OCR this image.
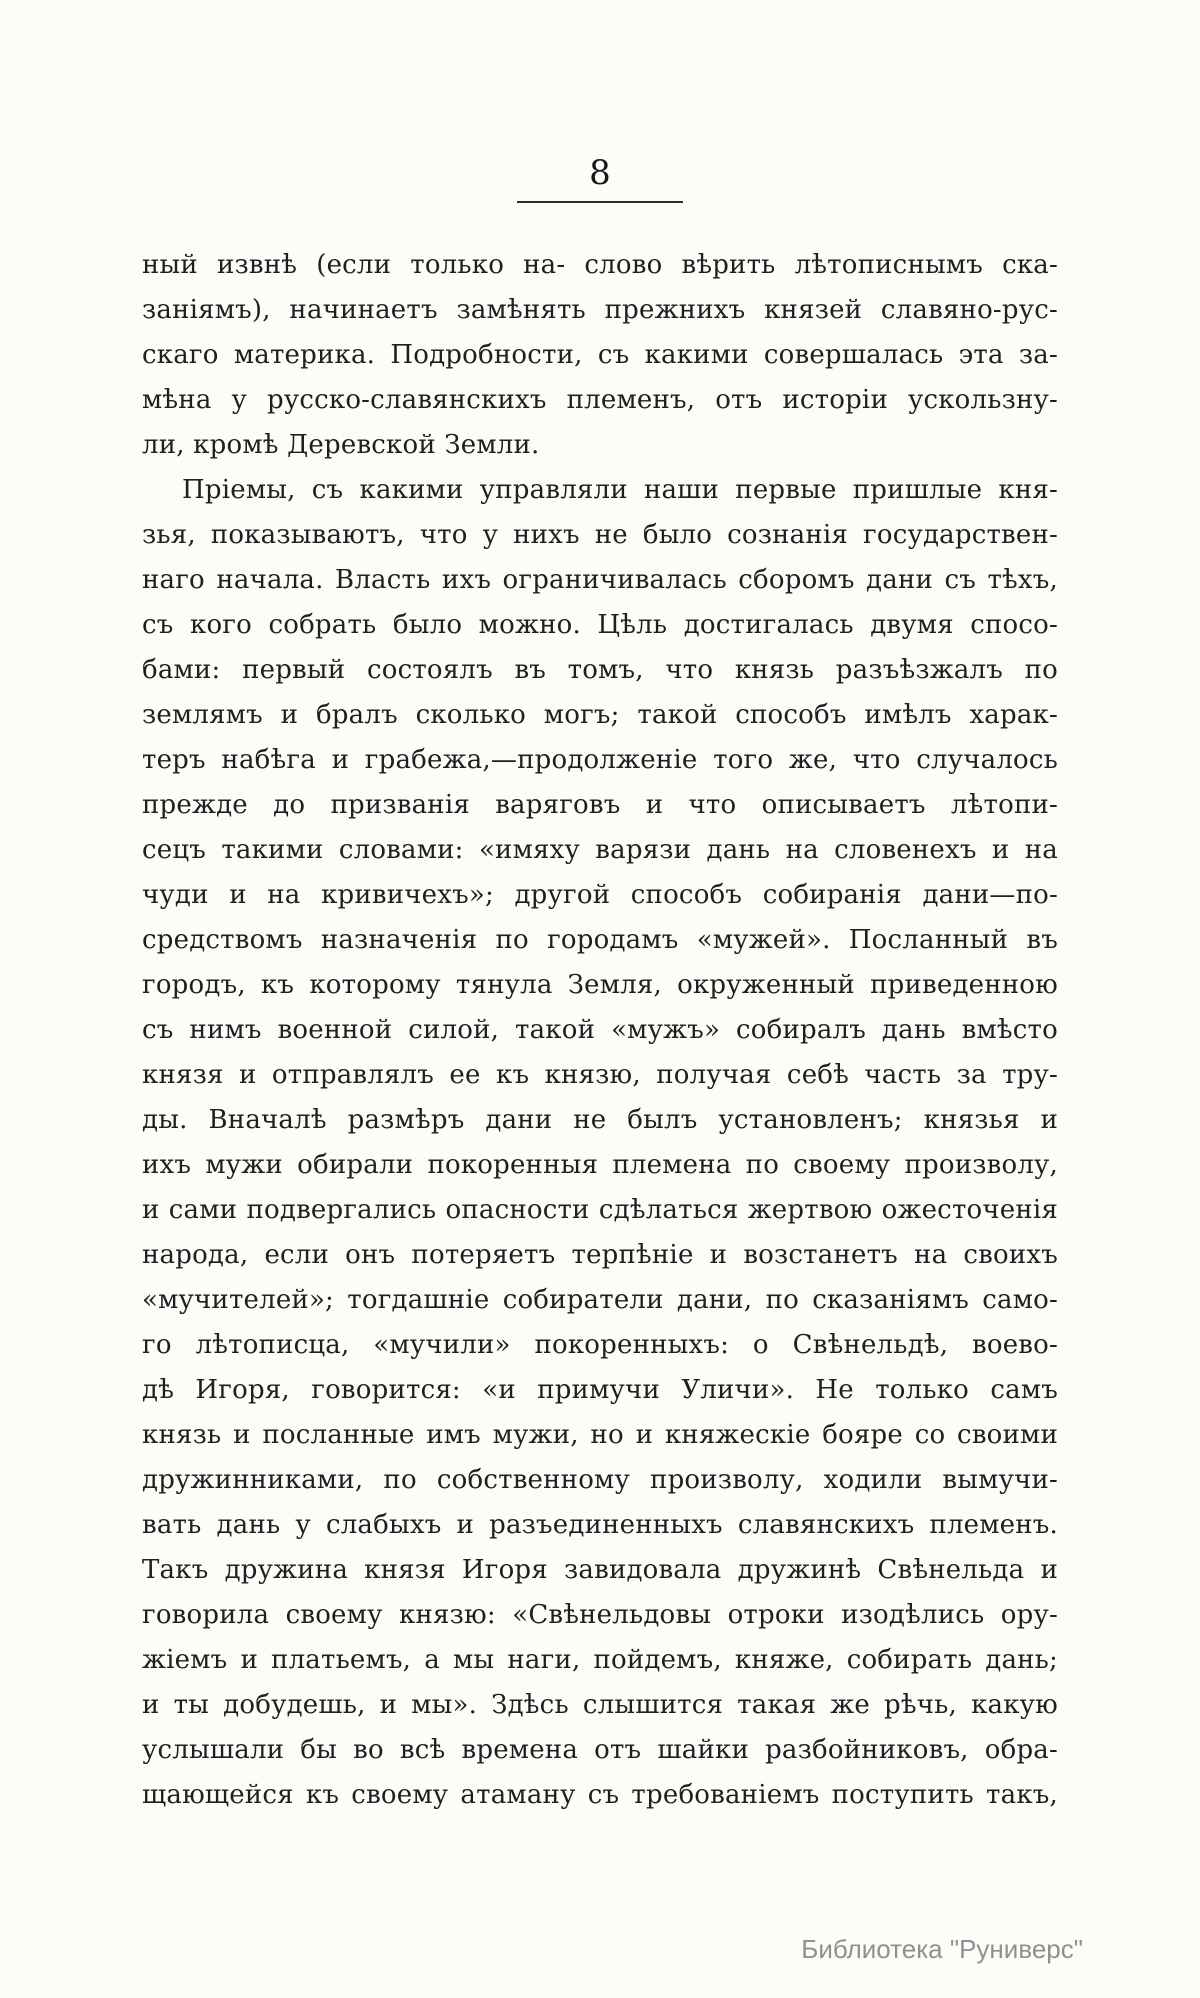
8
ный извнѣ (если только на- слово вѣрить лѣтописнымъ ска-
заніямъ), начинаетъ замѣнять прежнихъ князей славяно-рус-
скаго материка. Подробности, съ какими совершалась эта за-
мѣна у русско-славянскихъ племенъ, отъ исторіи ускользну-
ли, кромѣ Деревской Земли.
Пріемы, съ какими управляли наши первые пришлые кня-
зья, показываютъ, что у нихъ не было сознанія государствен-
наго начала. Власть ихъ ограничивалась сборомъ дани съ тѣхъ,
съ кого собрать было можно. Цѣль достигалась двумя спосо-
бами: первый состоялъ въ томъ, что князь разъѣзжалъ по
землямъ и бралъ сколько могъ; такой способъ имѣлъ харак-
теръ набѣга и грабежа,—продолженіе того же, что случалось
прежде до призванія варяговъ и что описываетъ лѣтопи-
сецъ такими словами: «имяху варязи дань на словенехъ и на
чуди и на кривичехъ»; другой способъ собиранія дани—по-
средствомъ назначенія по городамъ «мужей». Посланный въ
городъ, къ которому тянула Земля, окруженный приведенною
съ нимъ военной силой, такой «мужъ» собиралъ дань вмѣсто
князя и отправлялъ ее къ князю, получая себѣ часть за тру-
ды. Вначалѣ размѣръ дани не былъ установленъ; князья и
ихъ мужи обирали покоренныя племена по своему произволу,
и сами подвергались опасности сдѣлаться жертвою ожесточенія
народа, если онъ потеряетъ терпѣніе и возстанетъ на своихъ
«мучителей»; тогдашніе собиратели дани, по сказаніямъ само-
го лѣтописца, «мучили» покоренныхъ: о Свѣнельдѣ, воево-
дѣ Игоря, говорится: «и примучи Уличи». Не только самъ
князь и посланные имъ мужи, но и княжескіе бояре со своими
дружинниками, по собственному произволу, ходили вымучи-
вать дань у слабыхъ и разъединенныхъ славянскихъ племенъ.
Такъ дружина князя Игоря завидовала дружинѣ Свѣнельда и
говорила своему князю: «Свѣнельдовы отроки изодѣлись ору-
жіемъ и платьемъ, а мы наги, пойдемъ, княже, собирать дань;
и ты добудешь, и мы». Здѣсь слышится такая же рѣчь, какую
услышали бы во всѣ времена отъ шайки разбойниковъ, обра-
щающейся къ своему атаману съ требованіемъ поступить такъ,
Библиотека "Руниверс"
